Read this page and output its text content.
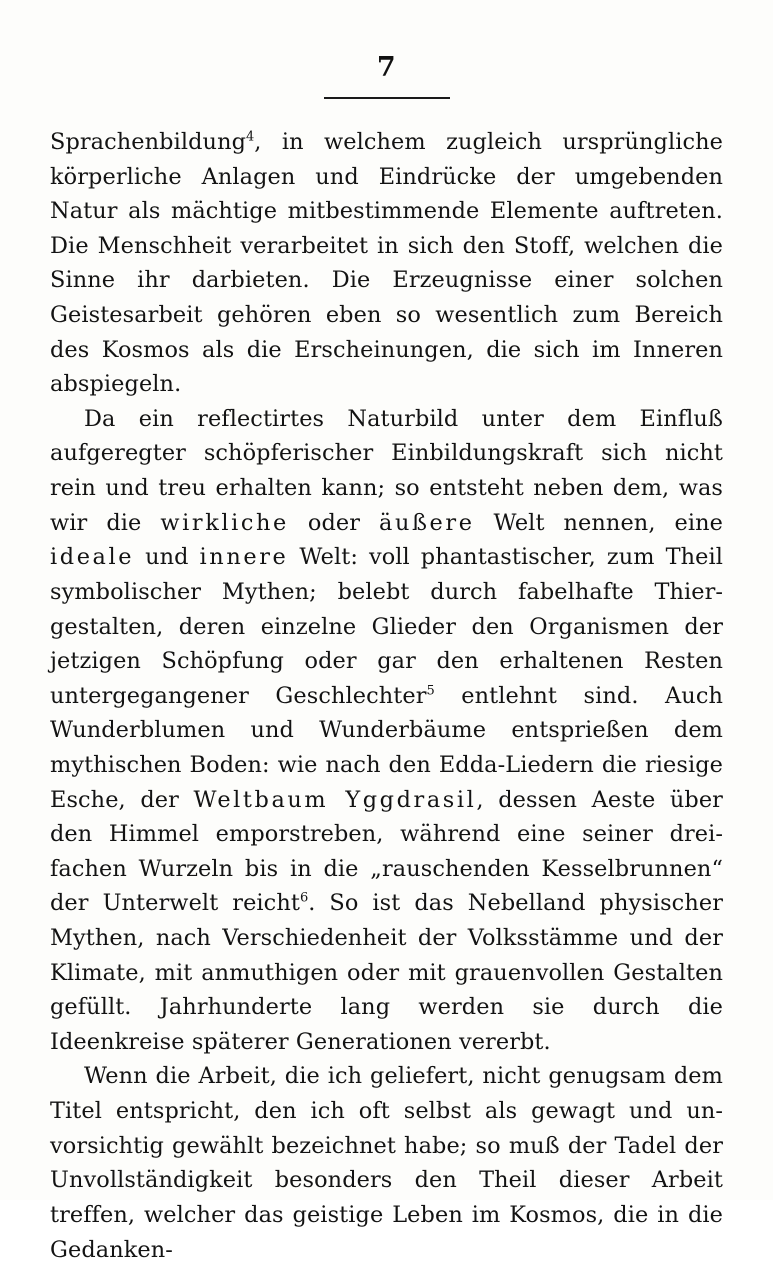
7

Sprachenbildung$^4$, in welchem zugleich ursprüngliche körperliche Anlagen und Eindrücke der umgebenden Natur als mächtige mitbestimmende Elemente auftreten. Die Menschheit verarbeitet in sich den Stoff, welchen die Sinne ihr darbieten. Die Erzeugnisse einer solchen Geistesarbeit gehören eben so wesentlich zum Bereich des Kosmos als die Erscheinungen, die sich im Inneren abspiegeln.

Da ein reflectirtes Naturbild unter dem Einfluß aufgeregter schöpferischer Einbildungskraft sich nicht rein und treu erhalten kann; so entsteht neben dem, was wir die wirkliche oder äußere Welt nennen, eine ideale und innere Welt: voll phantastischer, zum Theil symbolischer Mythen; belebt durch fabelhafte Thiergestalten, deren einzelne Glieder den Organismen der jetzigen Schöpfung oder gar den erhaltenen Resten untergegangener Geschlechter$^5$ entlehnt sind. Auch Wunderblumen und Wunderbäume entsprießen dem mythischen Boden: wie nach den Edda-Liedern die riesige Esche, der Weltbaum Yggdrasil, dessen Aeste über den Himmel emporstreben, während eine seiner dreifachen Wurzeln bis in die „rauschenden Kesselbrunnen“ der Unterwelt reicht$^6$. So ist das Nebelland physischer Mythen, nach Verschiedenheit der Volksstämme und der Klimate, mit anmuthigen oder mit grauenvollen Gestalten gefüllt. Jahrhunderte lang werden sie durch die Ideenkreise späterer Generationen vererbt.

Wenn die Arbeit, die ich geliefert, nicht genugsam dem Titel entspricht, den ich oft selbst als gewagt und unvorsichtig gewählt bezeichnet habe; so muß der Tadel der Unvollständigkeit besonders den Theil dieser Arbeit treffen, welcher das geistige Leben im Kosmos, die in die Gedanken-
